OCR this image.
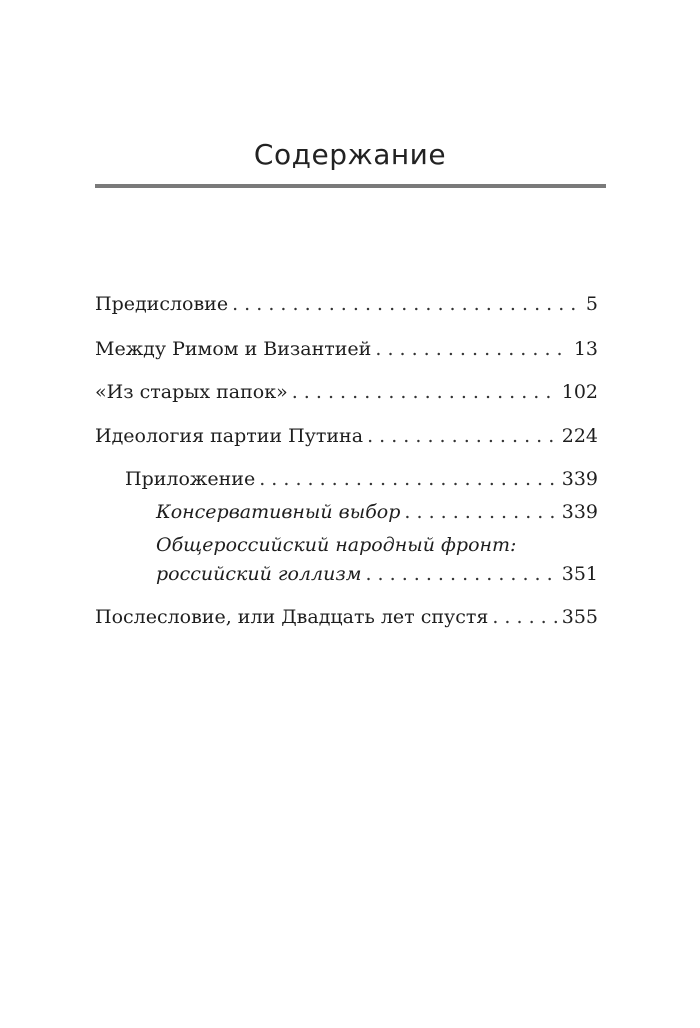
Содержание
Предисловие . . .	5
Между Римом и Византией . . .	13
«Из старых папок» . . .	102
Идеология партии Путина . . .	224
Приложение . . .	339
Консервативный выбор . . .	339
Общероссийский народный фронт:
российский голлизм . . .	351
Послесловие, или Двадцать лет спустя . . .	355
